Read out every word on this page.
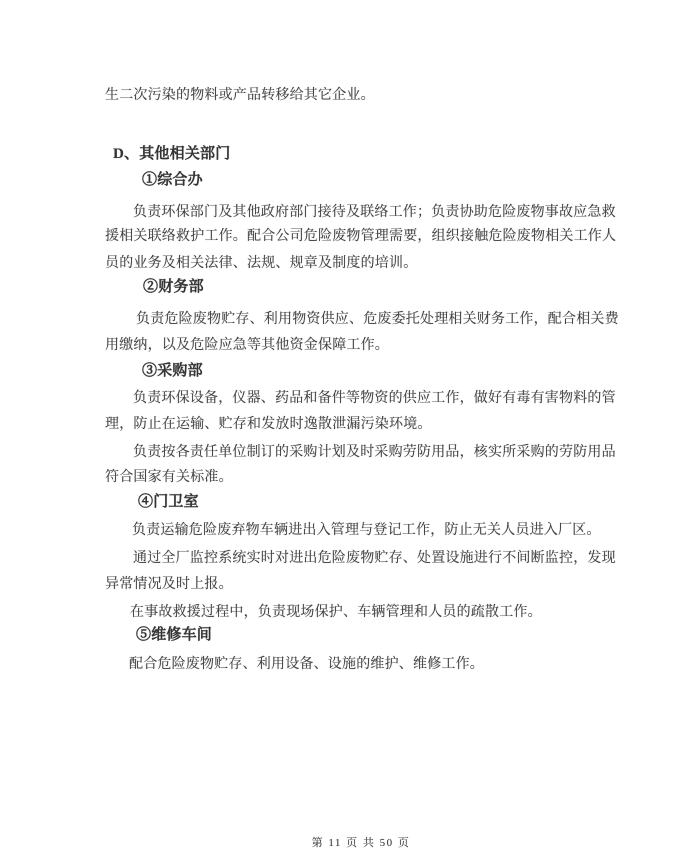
生二次污染的物料或产品转移给其它企业。
D、其他相关部门
①综合办
负责环保部门及其他政府部门接待及联络工作；负责协助危险废物事故应急救
援相关联络救护工作。配合公司危险废物管理需要，组织接触危险废物相关工作人
员的业务及相关法律、法规、规章及制度的培训。
②财务部
负责危险废物贮存、利用物资供应、危废委托处理相关财务工作，配合相关费
用缴纳，以及危险应急等其他资金保障工作。
③采购部
负责环保设备，仪器、药品和备件等物资的供应工作，做好有毒有害物料的管
理，防止在运输、贮存和发放时逸散泄漏污染环境。
负责按各责任单位制订的采购计划及时采购劳防用品，核实所采购的劳防用品
符合国家有关标准。
④门卫室
负责运输危险废弃物车辆进出入管理与登记工作，防止无关人员进入厂区。
通过全厂监控系统实时对进出危险废物贮存、处置设施进行不间断监控，发现
异常情况及时上报。
在事故救援过程中，负责现场保护、车辆管理和人员的疏散工作。
⑤维修车间
配合危险废物贮存、利用设备、设施的维护、维修工作。
第 11 页 共 50 页
